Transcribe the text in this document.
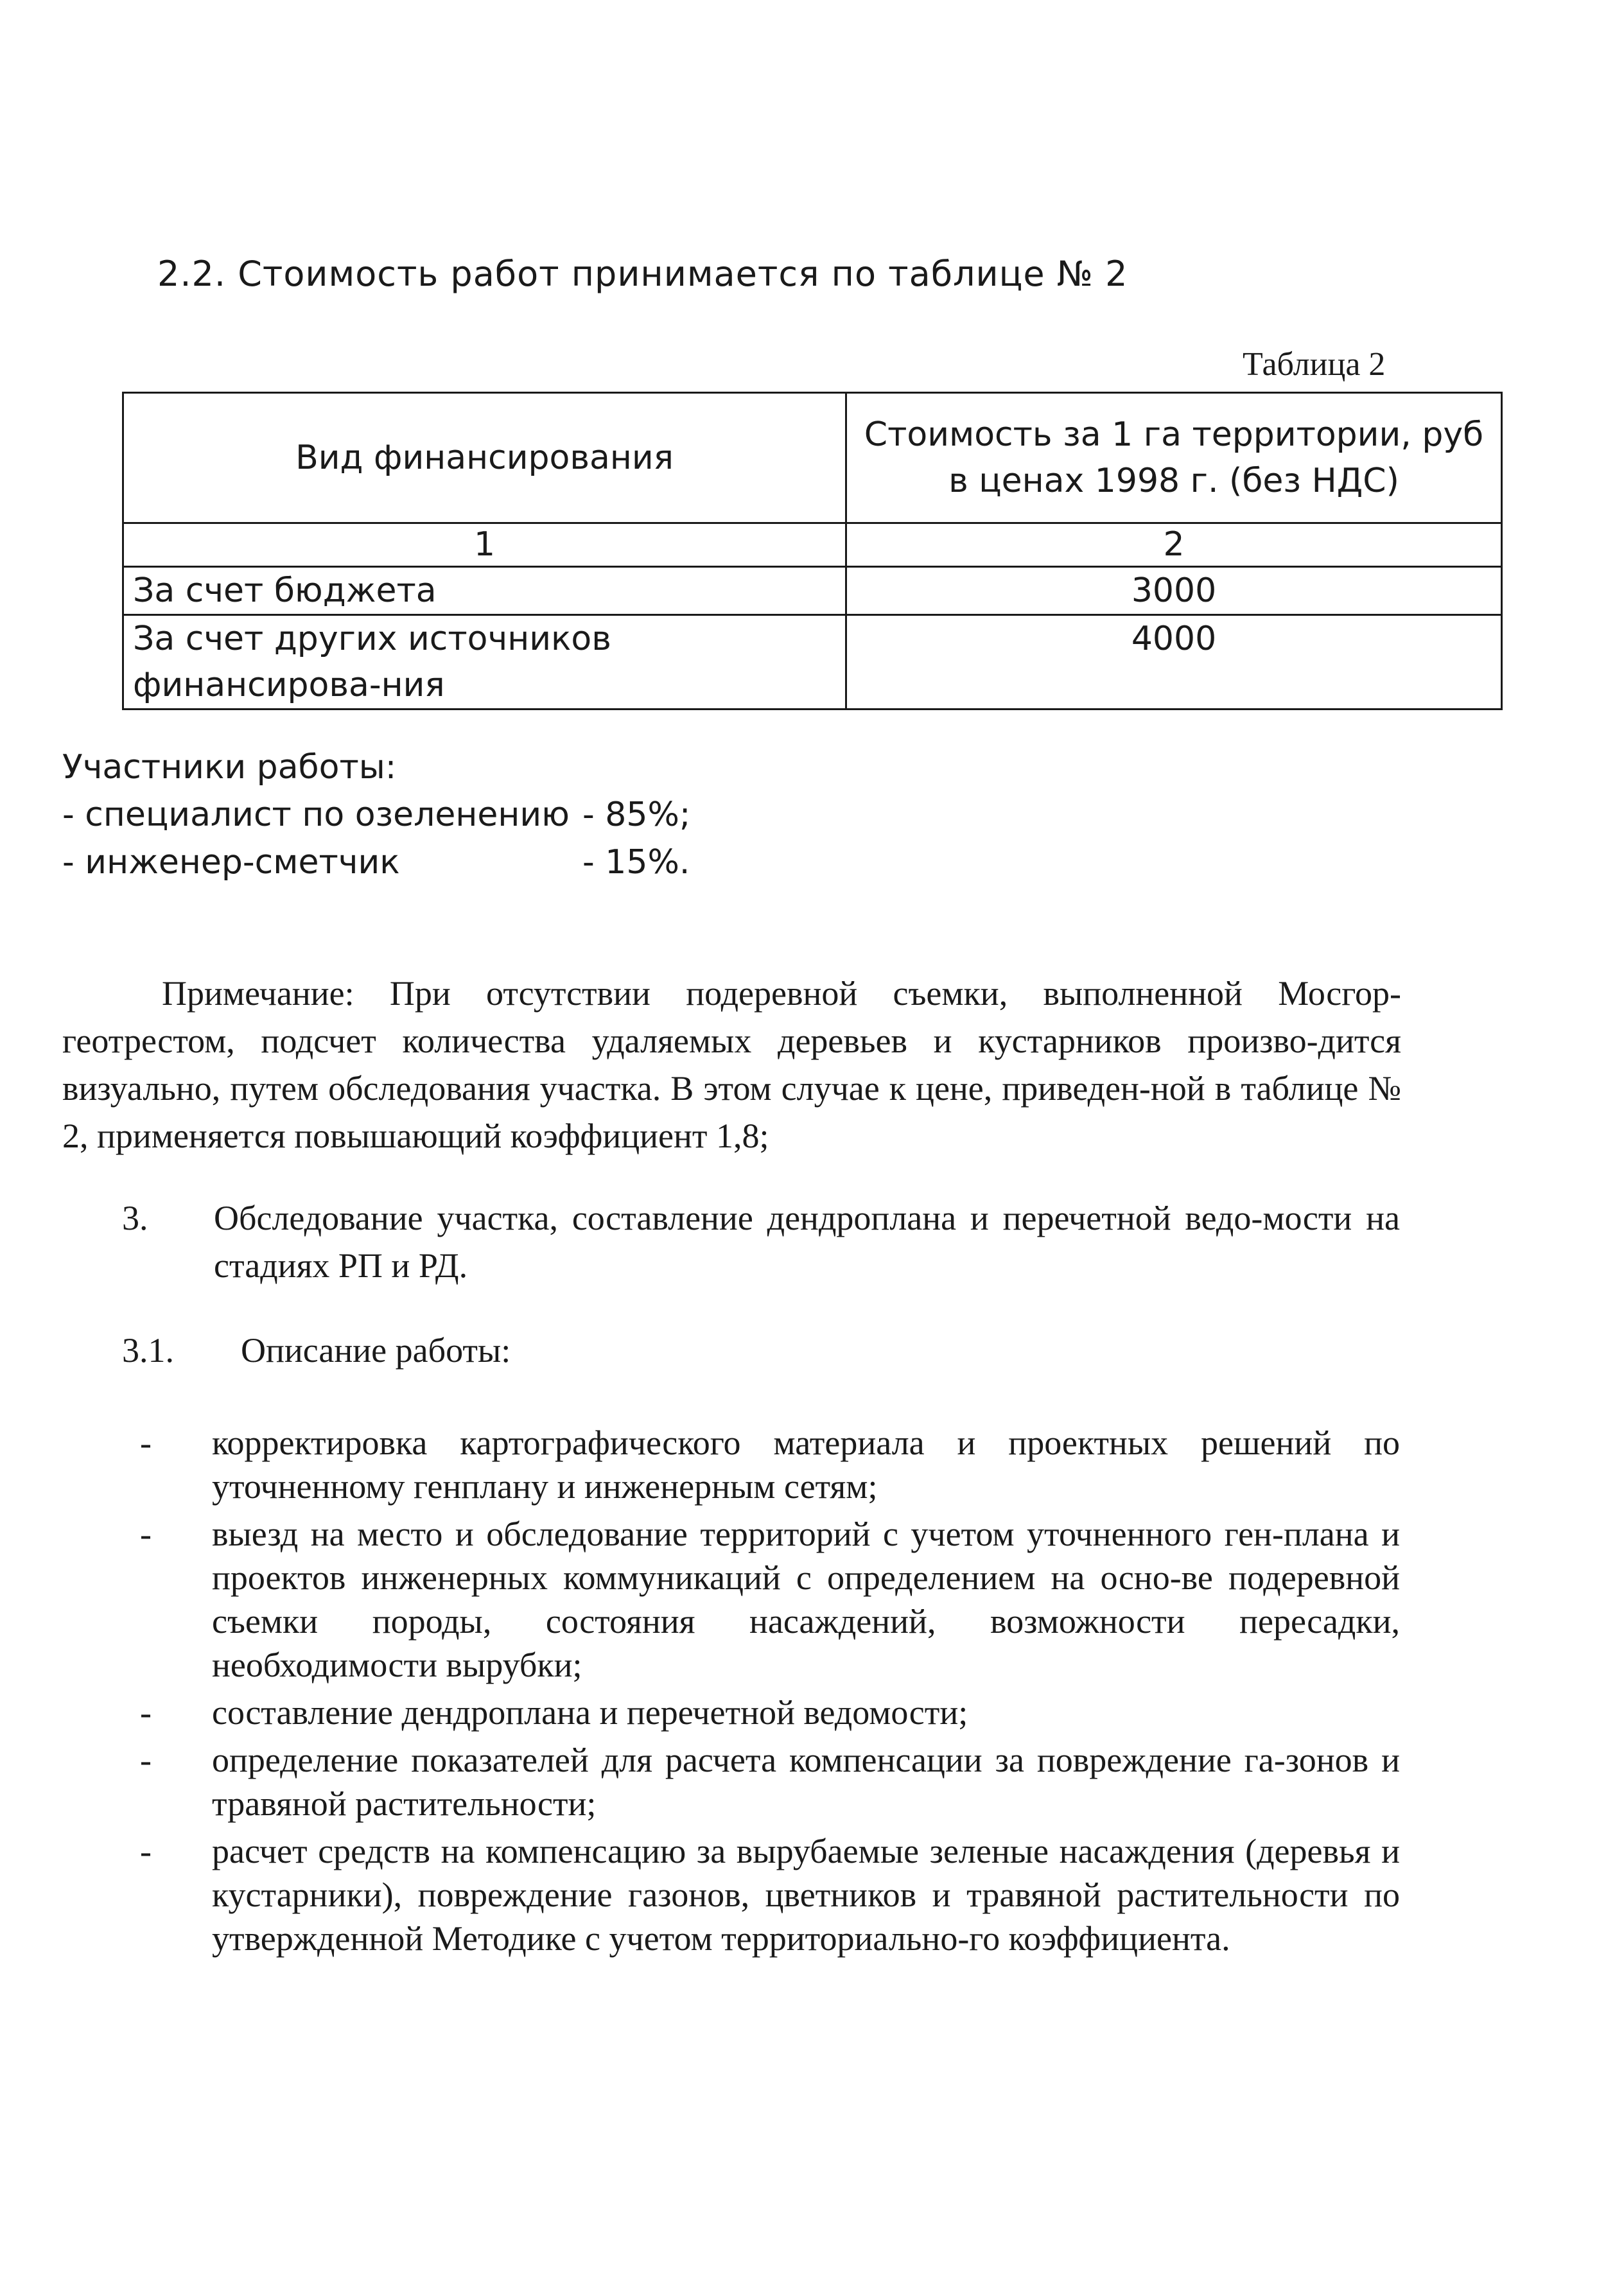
2.2. Стоимость работ принимается по таблице № 2

Таблица 2

Вид финансирования	Стоимость за 1 га территории, руб в ценах 1998 г. (без НДС)
1	2
За счет бюджета	3000
За счет других источников финансирова-ния	4000
Участники работы:
- специалист по озеленению - 85%;
- инженер-сметчик	- 15%.

Примечание: При отсутствии подеревной съемки, выполненной Мосгор-геотрестом, подсчет количества удаляемых деревьев и кустарников произво-дится визуально, путем обследования участка. В этом случае к цене, приведен-ной в таблице № 2, применяется повышающий коэффициент 1,8;

3.	Обследование участка, составление дендроплана и перечетной ведо-мости на стадиях РП и РД.
3.1.	Описание работы:
-	корректировка картографического материала и проектных решений по уточненному генплану и инженерным сетям;
-	выезд на место и обследование территорий с учетом уточненного ген-плана и проектов инженерных коммуникаций с определением на осно-ве подеревной съемки породы, состояния насаждений, возможности пересадки, необходимости вырубки;
-	составление дендроплана и перечетной ведомости;
-	определение показателей для расчета компенсации за повреждение га-зонов и травяной растительности;
-	расчет средств на компенсацию за вырубаемые зеленые насаждения (деревья и кустарники), повреждение газонов, цветников и травяной растительности по утвержденной Методике с учетом территориально-го коэффициента.
